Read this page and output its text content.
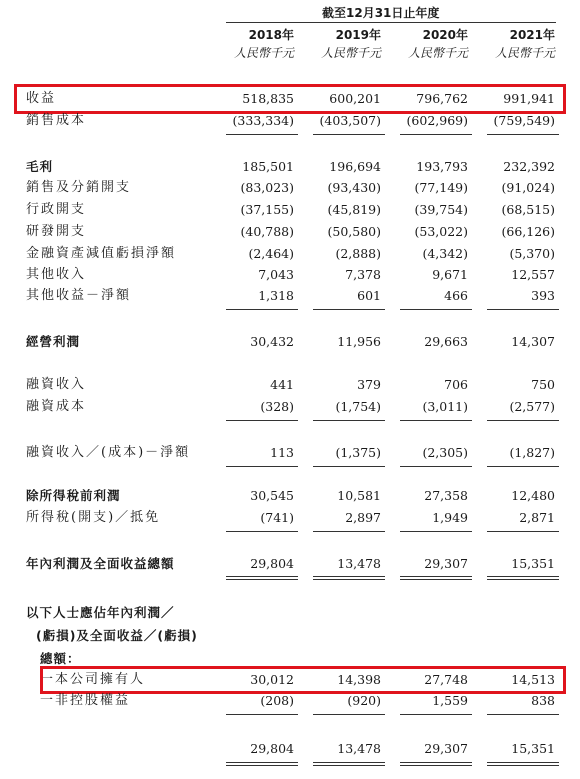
截至12月31日止年度
2018年	2019年	2020年	2021年
人民幣千元	人民幣千元	人民幣千元	人民幣千元
收益	518,835	600,201	796,762	991,941
銷售成本	(333,334)	(403,507)	(602,969)	(759,549)
毛利	185,501	196,694	193,793	232,392
銷售及分銷開支	(83,023)	(93,430)	(77,149)	(91,024)
行政開支	(37,155)	(45,819)	(39,754)	(68,515)
研發開支	(40,788)	(50,580)	(53,022)	(66,126)
金融資產減值虧損淨額	(2,464)	(2,888)	(4,342)	(5,370)
其他收入	7,043	7,378	9,671	12,557
其他收益－淨額	1,318	601	466	393
經營利潤	30,432	11,956	29,663	14,307
融資收入	441	379	706	750
融資成本	(328)	(1,754)	(3,011)	(2,577)
融資收入／(成本)－淨額	113	(1,375)	(2,305)	(1,827)
除所得稅前利潤	30,545	10,581	27,358	12,480
所得稅(開支)／抵免	(741)	2,897	1,949	2,871
年內利潤及全面收益總額	29,804	13,478	29,307	15,351
以下人士應佔年內利潤／
(虧損)及全面收益／(虧損)
總額：
一本公司擁有人	30,012	14,398	27,748	14,513
一非控股權益	(208)	(920)	1,559	838
29,804	13,478	29,307	15,351
